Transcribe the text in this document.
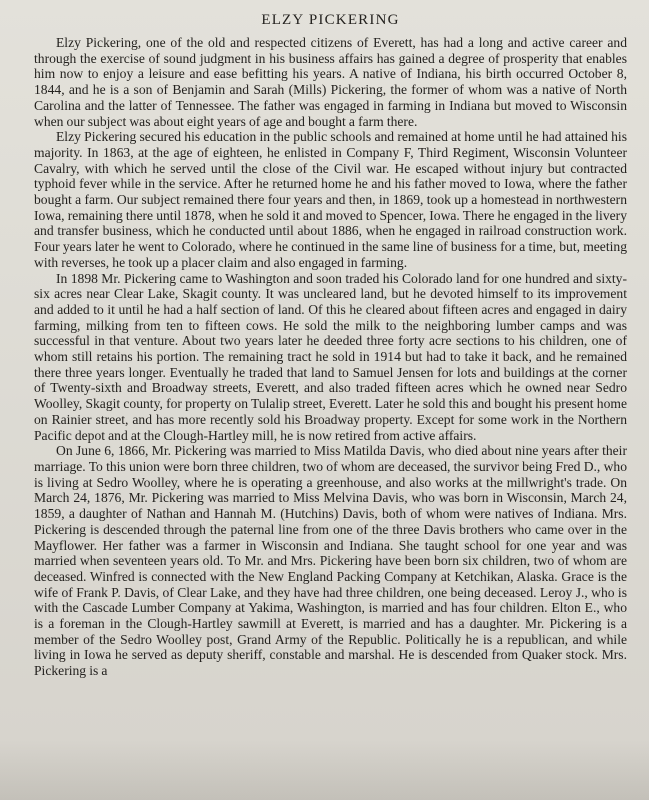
ELZY PICKERING

Elzy Pickering, one of the old and respected citizens of Everett, has had a long and active career and through the exercise of sound judgment in his business affairs has gained a degree of prosperity that enables him now to enjoy a leisure and ease befitting his years. A native of Indiana, his birth occurred October 8, 1844, and he is a son of Benjamin and Sarah (Mills) Pickering, the former of whom was a native of North Carolina and the latter of Tennessee. The father was engaged in farming in Indiana but moved to Wisconsin when our subject was about eight years of age and bought a farm there.

Elzy Pickering secured his education in the public schools and remained at home until he had attained his majority. In 1863, at the age of eighteen, he enlisted in Company F, Third Regiment, Wisconsin Volunteer Cavalry, with which he served until the close of the Civil war. He escaped without injury but contracted typhoid fever while in the service. After he returned home he and his father moved to Iowa, where the father bought a farm. Our subject remained there four years and then, in 1869, took up a homestead in northwestern Iowa, remaining there until 1878, when he sold it and moved to Spencer, Iowa. There he engaged in the livery and transfer business, which he conducted until about 1886, when he engaged in railroad construction work. Four years later he went to Colorado, where he continued in the same line of business for a time, but, meeting with reverses, he took up a placer claim and also engaged in farming.

In 1898 Mr. Pickering came to Washington and soon traded his Colorado land for one hundred and sixty-six acres near Clear Lake, Skagit county. It was uncleared land, but he devoted himself to its improvement and added to it until he had a half section of land. Of this he cleared about fifteen acres and engaged in dairy farming, milking from ten to fifteen cows. He sold the milk to the neighboring lumber camps and was successful in that venture. About two years later he deeded three forty acre sections to his children, one of whom still retains his portion. The remaining tract he sold in 1914 but had to take it back, and he remained there three years longer. Eventually he traded that land to Samuel Jensen for lots and buildings at the corner of Twenty-sixth and Broadway streets, Everett, and also traded fifteen acres which he owned near Sedro Woolley, Skagit county, for property on Tulalip street, Everett. Later he sold this and bought his present home on Rainier street, and has more recently sold his Broadway property. Except for some work in the Northern Pacific depot and at the Clough-Hartley mill, he is now retired from active affairs.

On June 6, 1866, Mr. Pickering was married to Miss Matilda Davis, who died about nine years after their marriage. To this union were born three children, two of whom are deceased, the survivor being Fred D., who is living at Sedro Woolley, where he is operating a greenhouse, and also works at the millwright's trade. On March 24, 1876, Mr. Pickering was married to Miss Melvina Davis, who was born in Wisconsin, March 24, 1859, a daughter of Nathan and Hannah M. (Hutchins) Davis, both of whom were natives of Indiana. Mrs. Pickering is descended through the paternal line from one of the three Davis brothers who came over in the Mayflower. Her father was a farmer in Wisconsin and Indiana. She taught school for one year and was married when seventeen years old. To Mr. and Mrs. Pickering have been born six children, two of whom are deceased. Winfred is connected with the New England Packing Company at Ketchikan, Alaska. Grace is the wife of Frank P. Davis, of Clear Lake, and they have had three children, one being deceased. Leroy J., who is with the Cascade Lumber Company at Yakima, Washington, is married and has four children. Elton E., who is a foreman in the Clough-Hartley sawmill at Everett, is married and has a daughter. Mr. Pickering is a member of the Sedro Woolley post, Grand Army of the Republic. Politically he is a republican, and while living in Iowa he served as deputy sheriff, constable and marshal. He is descended from Quaker stock. Mrs. Pickering is a
